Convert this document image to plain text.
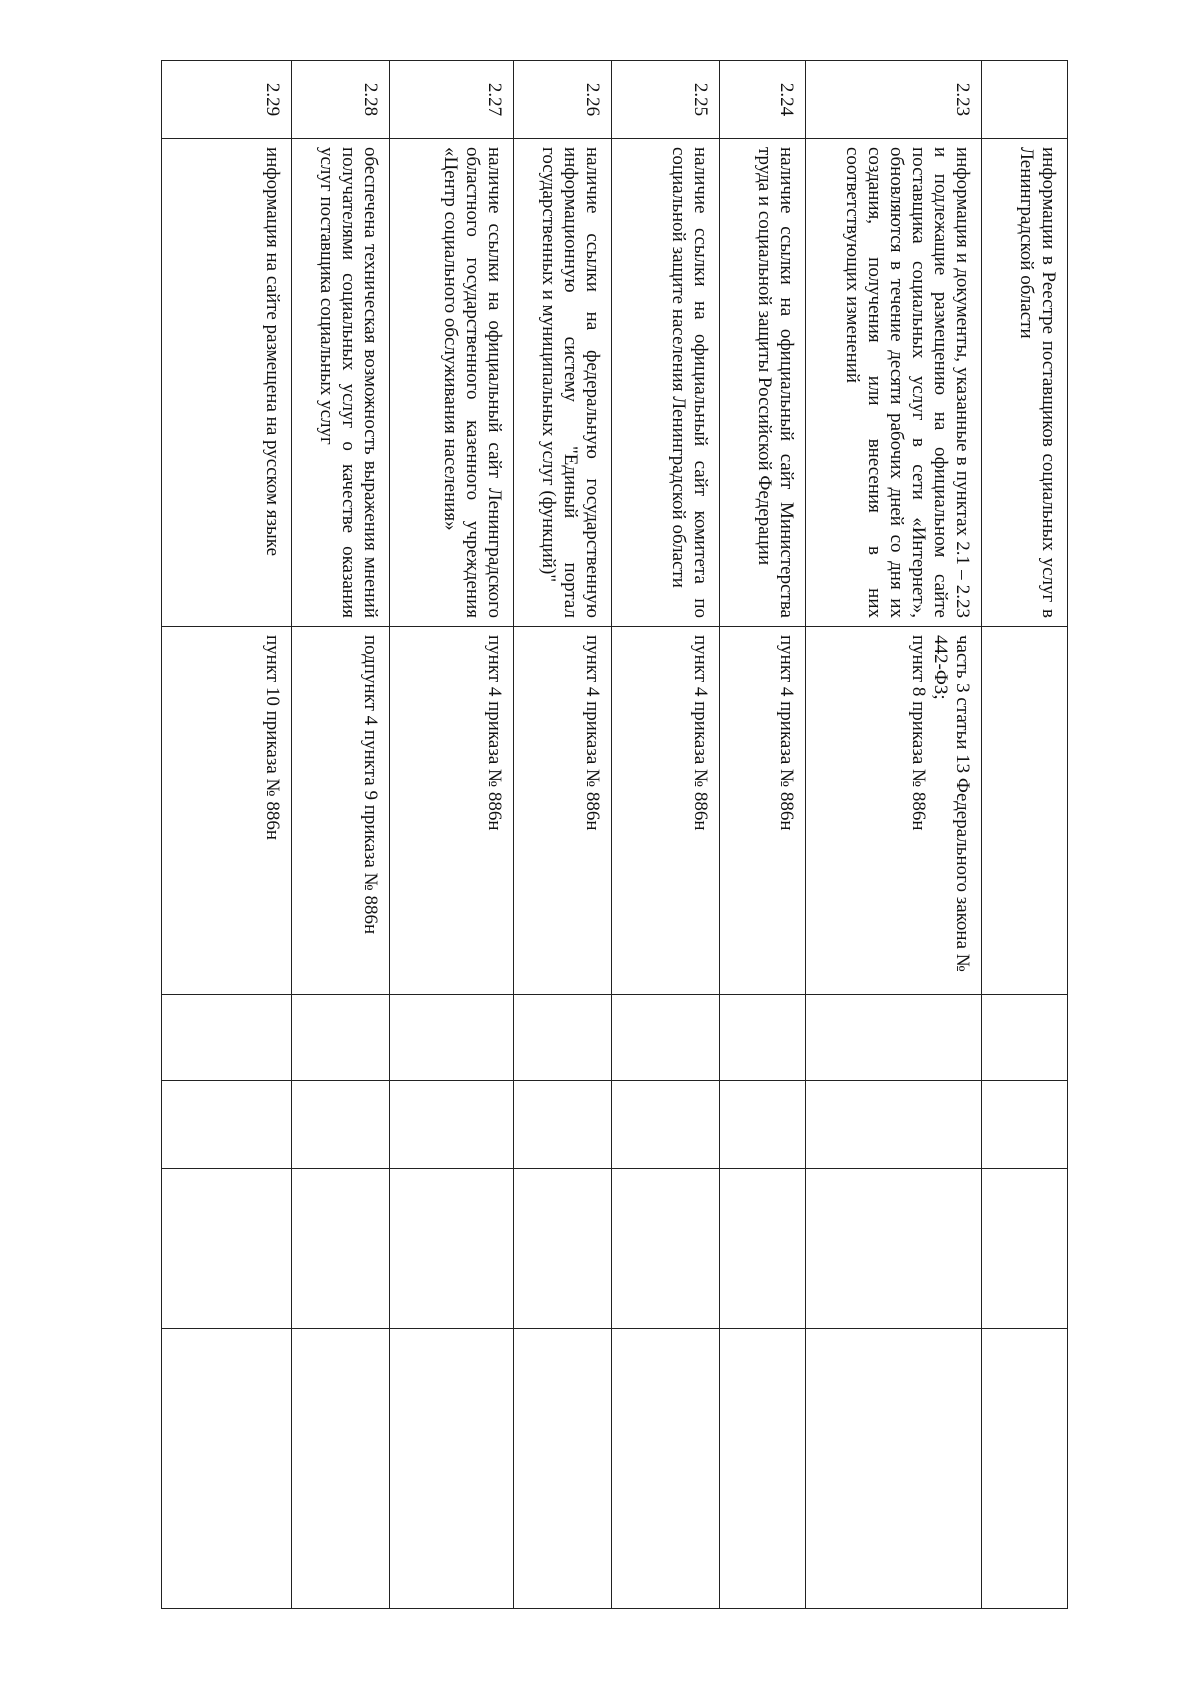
	информации в Реестре поставщиков социальных услуг в Ленинградской области					
2.23	информация и документы, указанные в пунктах 2.1 – 2.23 и подлежащие размещению на официальном сайте поставщика социальных услуг в сети «Интернет», обновляются в течение десяти рабочих дней со дня их создания, получения или внесения в них соответствующих изменений	часть 3 статьи 13 Федерального закона № 442-ФЗ;
пункт 8 приказа № 886н				
2.24	наличие ссылки на официальный сайт Министерства труда и социальной защиты Российской Федерации	пункт 4 приказа № 886н				
2.25	наличие ссылки на официальный сайт комитета по социальной защите населения Ленинградской области	пункт 4 приказа № 886н				
2.26	наличие ссылки на федеральную государственную информационную систему "Единый портал государственных и муниципальных услуг (функций)"	пункт 4 приказа № 886н				
2.27	наличие ссылки на официальный сайт Ленинградского областного государственного казенного учреждения «Центр социального обслуживания населения»	пункт 4 приказа № 886н				
2.28	обеспечена техническая возможность выражения мнений получателями социальных услуг о качестве оказания услуг поставщика социальных услуг	подпункт 4 пункта 9 приказа № 886н				
2.29	информация на сайте размещена на русском языке	пункт 10 приказа № 886н				
